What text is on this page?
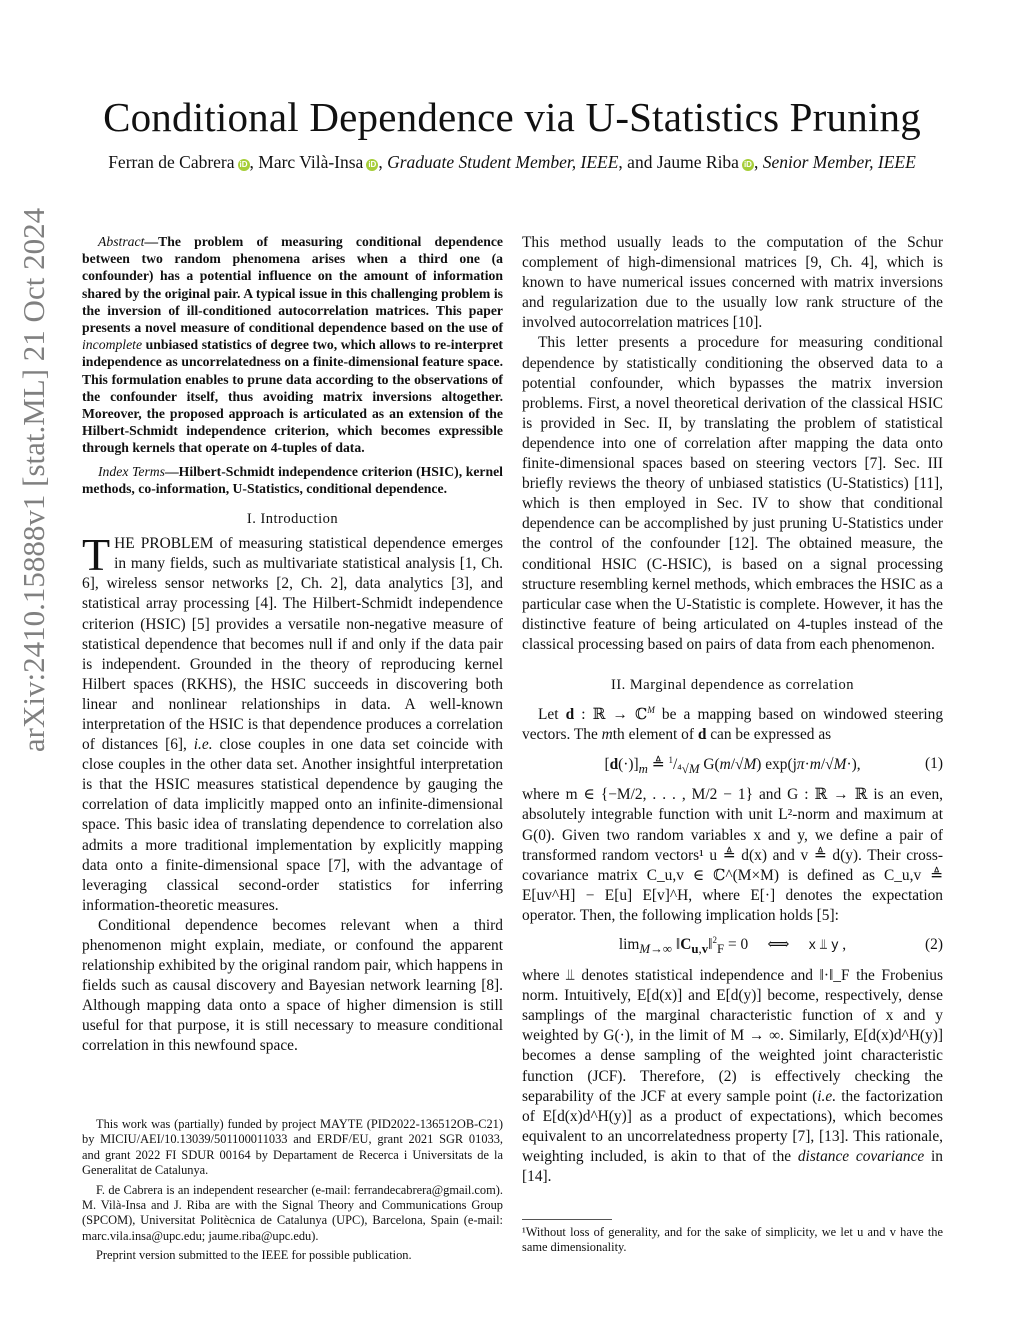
Conditional Dependence via U-Statistics Pruning
Ferran de Cabrera iD , Marc Vilà-Insa iD , Graduate Student Member, IEEE, and Jaume Riba iD , Senior Member, IEEE
arXiv:2410.15888v1 [stat.ML] 21 Oct 2024	Abstract—The problem of measuring conditional dependence between two random phenomena arises when a third one (a confounder) has a potential influence on the amount of information shared by the original pair. A typical issue in this challenging problem is the inversion of ill-conditioned autocorrelation matrices. This paper presents a novel measure of conditional dependence based on the use of incomplete unbiased statistics of degree two, which allows to re-interpret independence as uncorrelatedness on a finite-dimensional feature space. This formulation enables to prune data according to the observations of the confounder itself, thus avoiding matrix inversions altogether. Moreover, the proposed approach is articulated as an extension of the Hilbert-Schmidt independence criterion, which becomes expressible through kernels that operate on 4-tuples of data.

Index Terms—Hilbert-Schmidt independence criterion (HSIC), kernel methods, co-information, U-Statistics, conditional dependence.

I. Introduction

THE PROBLEM of measuring statistical dependence emerges in many fields, such as multivariate statistical analysis [1, Ch. 6], wireless sensor networks [2, Ch. 2], data analytics [3], and statistical array processing [4]. The Hilbert-Schmidt independence criterion (HSIC) [5] provides a versatile non-negative measure of statistical dependence that becomes null if and only if the data pair is independent. Grounded in the theory of reproducing kernel Hilbert spaces (RKHS), the HSIC succeeds in discovering both linear and nonlinear relationships in data. A well-known interpretation of the HSIC is that dependence produces a correlation of distances [6], i.e. close couples in one data set coincide with close couples in the other data set. Another insightful interpretation is that the HSIC measures statistical dependence by gauging the correlation of data implicitly mapped onto an infinite-dimensional space. This basic idea of translating dependence to correlation also admits a more traditional implementation by explicitly mapping data onto a finite-dimensional space [7], with the advantage of leveraging classical second-order statistics for inferring information-theoretic measures.

Conditional dependence becomes relevant when a third phenomenon might explain, mediate, or confound the apparent relationship exhibited by the original random pair, which happens in fields such as causal discovery and Bayesian network learning [8]. Although mapping data onto a space of higher dimension is still useful for that purpose, it is still necessary to measure conditional correlation in this newfound space.

This work was (partially) funded by project MAYTE (PID2022-136512OB-C21) by MICIU/AEI/10.13039/501100011033 and ERDF/EU, grant 2021 SGR 01033, and grant 2022 FI SDUR 00164 by Departament de Recerca i Universitats de la Generalitat de Catalunya.

F. de Cabrera is an independent researcher (e-mail: ferrandecabrera@gmail.com). M. Vilà-Insa and J. Riba are with the Signal Theory and Communications Group (SPCOM), Universitat Politècnica de Catalunya (UPC), Barcelona, Spain (e-mail: marc.vila.insa@upc.edu; jaume.riba@upc.edu).

Preprint version submitted to the IEEE for possible publication.

This method usually leads to the computation of the Schur complement of high-dimensional matrices [9, Ch. 4], which is known to have numerical issues concerned with matrix inversions and regularization due to the usually low rank structure of the involved autocorrelation matrices [10].

This letter presents a procedure for measuring conditional dependence by statistically conditioning the observed data to a potential confounder, which bypasses the matrix inversion problems. First, a novel theoretical derivation of the classical HSIC is provided in Sec. II, by translating the problem of statistical dependence into one of correlation after mapping the data onto finite-dimensional spaces based on steering vectors [7]. Sec. III briefly reviews the theory of unbiased statistics (U-Statistics) [11], which is then employed in Sec. IV to show that conditional dependence can be accomplished by just pruning U-Statistics under the control of the confounder [12]. The obtained measure, the conditional HSIC (C-HSIC), is based on a signal processing structure resembling kernel methods, which embraces the HSIC as a particular case when the U-Statistic is complete. However, it has the distinctive feature of being articulated on 4-tuples instead of the classical processing based on pairs of data from each phenomenon.

II. Marginal dependence as correlation

Let d : ℝ → ℂ$^M$ be a mapping based on windowed steering vectors. The mth element of d can be expressed as

$[d(\cdot)]_m$ ≜ $^1/_{^4√M}$ G(m/√M) exp(jπ·m/√M·),	(1)

where m ∈ {−M/2, . . . , M/2 − 1} and G : ℝ → ℝ is an even, absolutely integrable function with unit L²-norm and maximum at G(0). Given two random variables x and y, we define a pair of transformed random vectors¹ u ≜ d(x) and v ≜ d(y). Their cross-covariance matrix C_u,v ∈ ℂ^(M×M) is defined as C_u,v ≜ E[uv^H] − E[u] E[v]^H, where E[·] denotes the expectation operator. Then, the following implication holds [5]:

$\lim_{M\to\infty}$ $‖C_{u,v}‖^2_F = 0$     ⟺     x ⫫ y ,	(2)

where ⫫ denotes statistical independence and ‖·‖_F the Frobenius norm. Intuitively, E[d(x)] and E[d(y)] become, respectively, dense samplings of the marginal characteristic function of x and y weighted by G(·), in the limit of M → ∞. Similarly, E[d(x)d^H(y)] becomes a dense sampling of the weighted joint characteristic function (JCF). Therefore, (2) is effectively checking the separability of the JCF at every sample point (i.e. the factorization of E[d(x)d^H(y)] as a product of expectations), which becomes equivalent to an uncorrelatedness property [7], [13]. This rationale, weighting included, is akin to that of the distance covariance in [14].

¹Without loss of generality, and for the sake of simplicity, we let u and v have the same dimensionality.
